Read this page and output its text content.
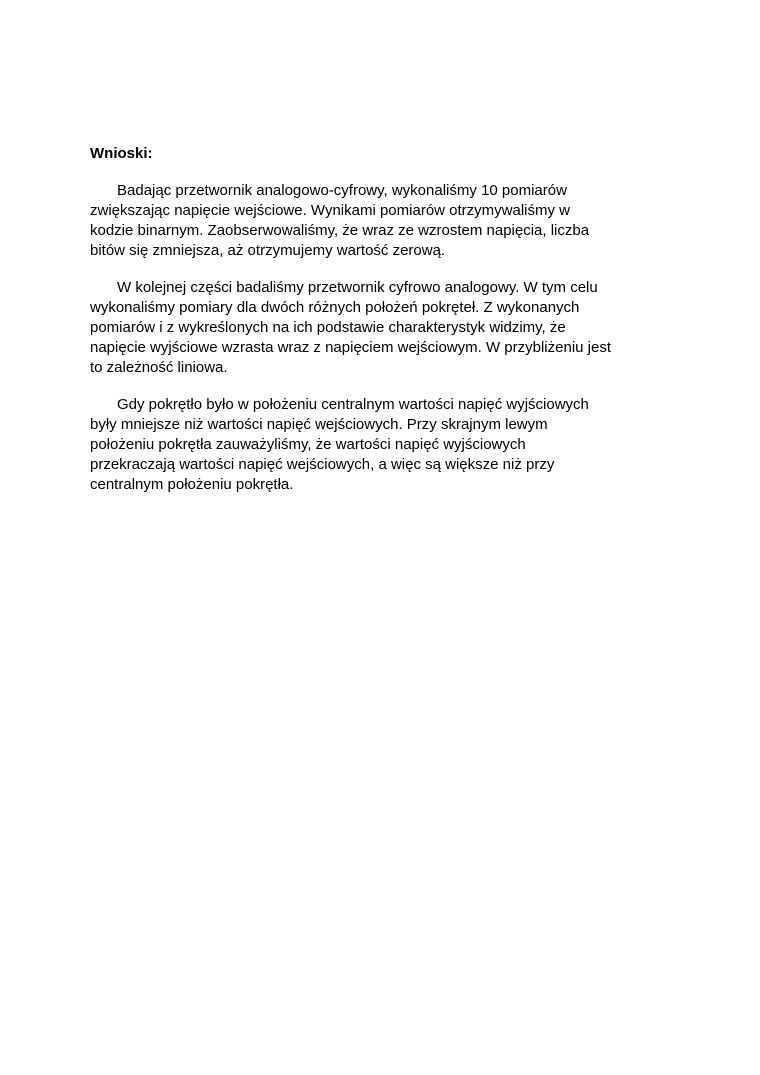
Wnioski:
Badając przetwornik analogowo-cyfrowy, wykonaliśmy 10 pomiarów
zwiększając napięcie wejściowe. Wynikami pomiarów otrzymywaliśmy w
kodzie binarnym. Zaobserwowaliśmy, że wraz ze wzrostem napięcia, liczba
bitów się zmniejsza, aż otrzymujemy wartość zerową.
W kolejnej części badaliśmy przetwornik cyfrowo analogowy. W tym celu
wykonaliśmy pomiary dla dwóch różnych położeń pokręteł. Z wykonanych
pomiarów i z wykreślonych na ich podstawie charakterystyk widzimy, że
napięcie wyjściowe wzrasta wraz z napięciem wejściowym. W przybliżeniu jest
to zależność liniowa.
Gdy pokrętło było w położeniu centralnym wartości napięć wyjściowych
były mniejsze niż wartości napięć wejściowych. Przy skrajnym lewym
położeniu pokrętła zauważyliśmy, że wartości napięć wyjściowych
przekraczają wartości napięć wejściowych, a więc są większe niż przy
centralnym położeniu pokrętła.
